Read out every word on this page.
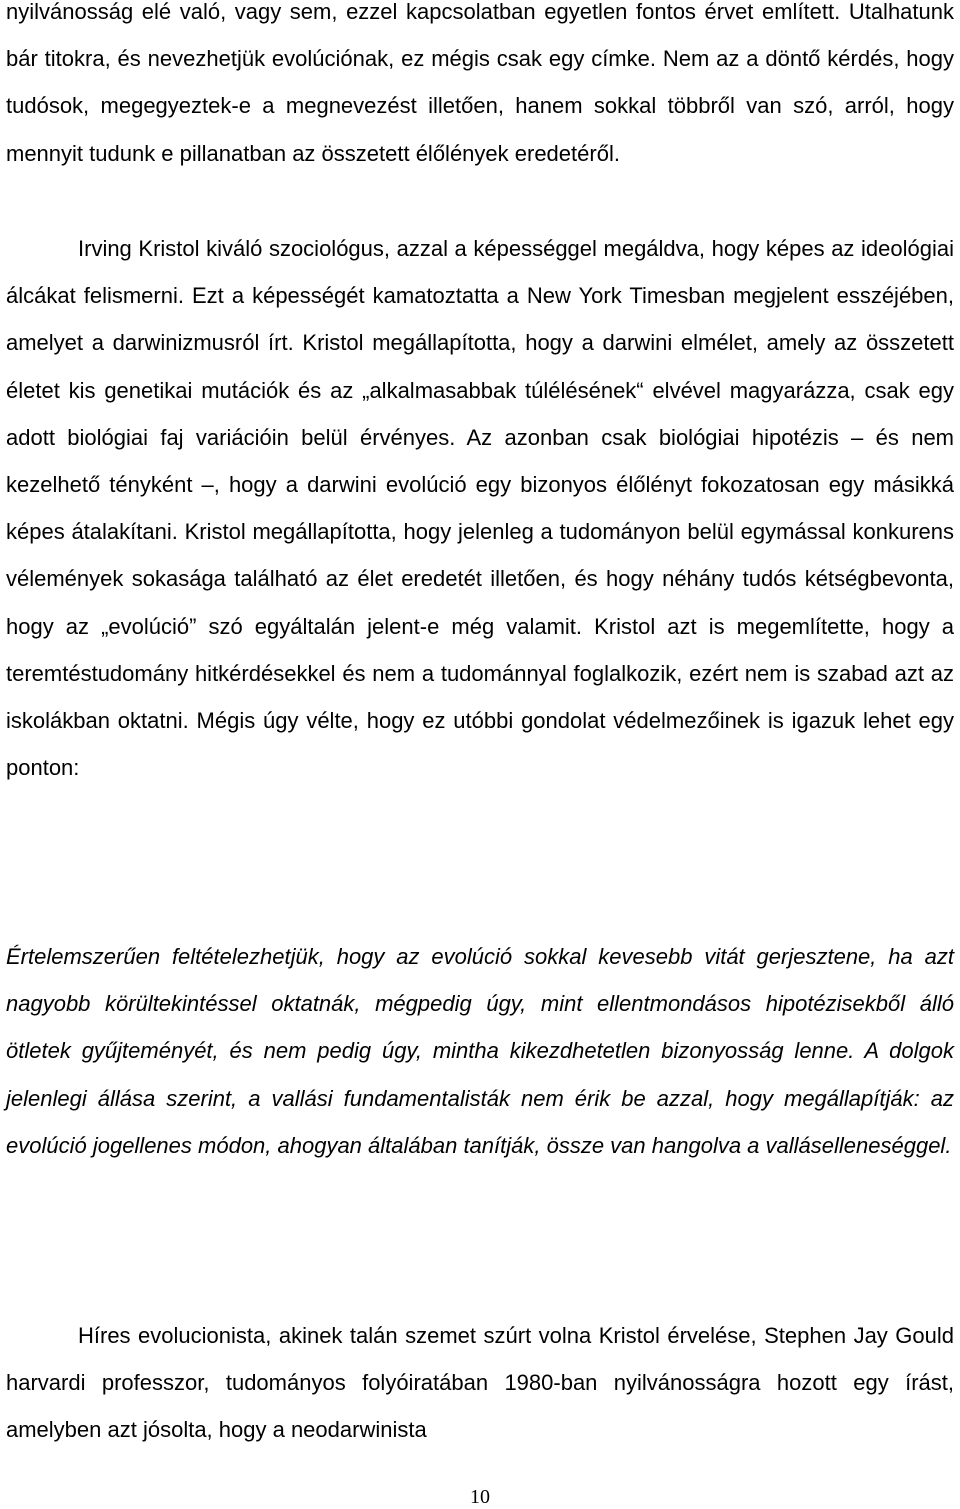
nyilvánosság elé való, vagy sem, ezzel kapcsolatban egyetlen fontos érvet említett. Utalhatunk bár titokra, és nevezhetjük evolúciónak, ez mégis csak egy címke. Nem az a döntő kérdés, hogy tudósok, megegyeztek-e a megnevezést illetően, hanem sokkal többről van szó, arról, hogy mennyit tudunk e pillanatban az összetett élőlények eredetéről.

Irving Kristol kiváló szociológus, azzal a képességgel megáldva, hogy képes az ideológiai álcákat felismerni. Ezt a képességét kamatoztatta a New York Timesban megjelent esszéjében, amelyet a darwinizmusról írt. Kristol megállapította, hogy a darwini elmélet, amely az összetett életet kis genetikai mutációk és az „alkalmasabbak túlélésének“ elvével magyarázza, csak egy adott biológiai faj variációin belül érvényes. Az azonban csak biológiai hipotézis – és nem kezelhető tényként –, hogy a darwini evolúció egy bizonyos élőlényt fokozatosan egy másikká képes átalakítani. Kristol megállapította, hogy jelenleg a tudományon belül egymással konkurens vélemények sokasága található az élet eredetét illetően, és hogy néhány tudós kétségbevonta, hogy az „evolúció” szó egyáltalán jelent-e még valamit. Kristol azt is megemlítette, hogy a teremtéstudomány hitkérdésekkel és nem a tudománnyal foglalkozik, ezért nem is szabad azt az iskolákban oktatni. Mégis úgy vélte, hogy ez utóbbi gondolat védelmezőinek is igazuk lehet egy ponton:

Értelemszerűen feltételezhetjük, hogy az evolúció sokkal kevesebb vitát gerjesztene, ha azt nagyobb körültekintéssel oktatnák, mégpedig úgy, mint ellentmondásos hipotézisekből álló ötletek gyűjteményét, és nem pedig úgy, mintha kikezdhetetlen bizonyosság lenne. A dolgok jelenlegi állása szerint, a vallási fundamentalisták nem érik be azzal, hogy megállapítják: az evolúció jogellenes módon, ahogyan általában tanítják, össze van hangolva a valláselleneséggel.

Híres evolucionista, akinek talán szemet szúrt volna Kristol érvelése, Stephen Jay Gould harvardi professzor, tudományos folyóiratában 1980-ban nyilvánosságra hozott egy írást, amelyben azt jósolta, hogy a neodarwinista

10
